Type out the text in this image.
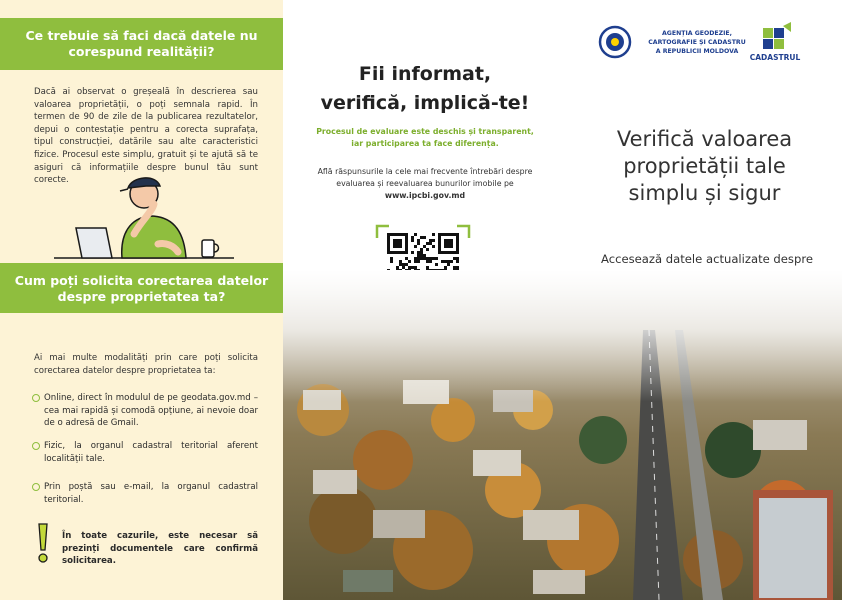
Ce trebuie să faci dacă datele nu corespund realității?
Dacă ai observat o greșeală în descrierea sau valoarea proprietății, o poți semnala rapid. În termen de 90 de zile de la publicarea rezultatelor, depui o contestație pentru a corecta suprafața, tipul construcției, datările sau alte caracteristici fizice. Procesul este simplu, gratuit și te ajută să te asiguri că informațiile despre bunul tău sunt corecte.
Cum poți solicita corectarea datelor despre proprietatea ta?
Ai mai multe modalități prin care poți solicita corectarea datelor despre proprietatea ta:
Online, direct în modulul de pe geodata.gov.md – cea mai rapidă și comodă opțiune, ai nevoie doar de o adresă de Gmail.
Fizic, la organul cadastral teritorial aferent localității tale.
Prin poștă sau e-mail, la organul cadastral teritorial.
În toate cazurile, este necesar să prezinți documentele care confirmă solicitarea.
Fii informat,
verifică, implică-te!
Procesul de evaluare este deschis și transparent, iar participarea ta face diferența.
Află răspunsurile la cele mai frecvente întrebări despre evaluarea și reevaluarea bunurilor imobile pe
www.ipcbi.gov.md
AGENȚIA GEODEZIE,
CARTOGRAFIE ȘI CADASTRU
A REPUBLICII MOLDOVA
CADASTRUL
Verifică valoarea
proprietății tale
simplu și sigur
Accesează datele actualizate despre
